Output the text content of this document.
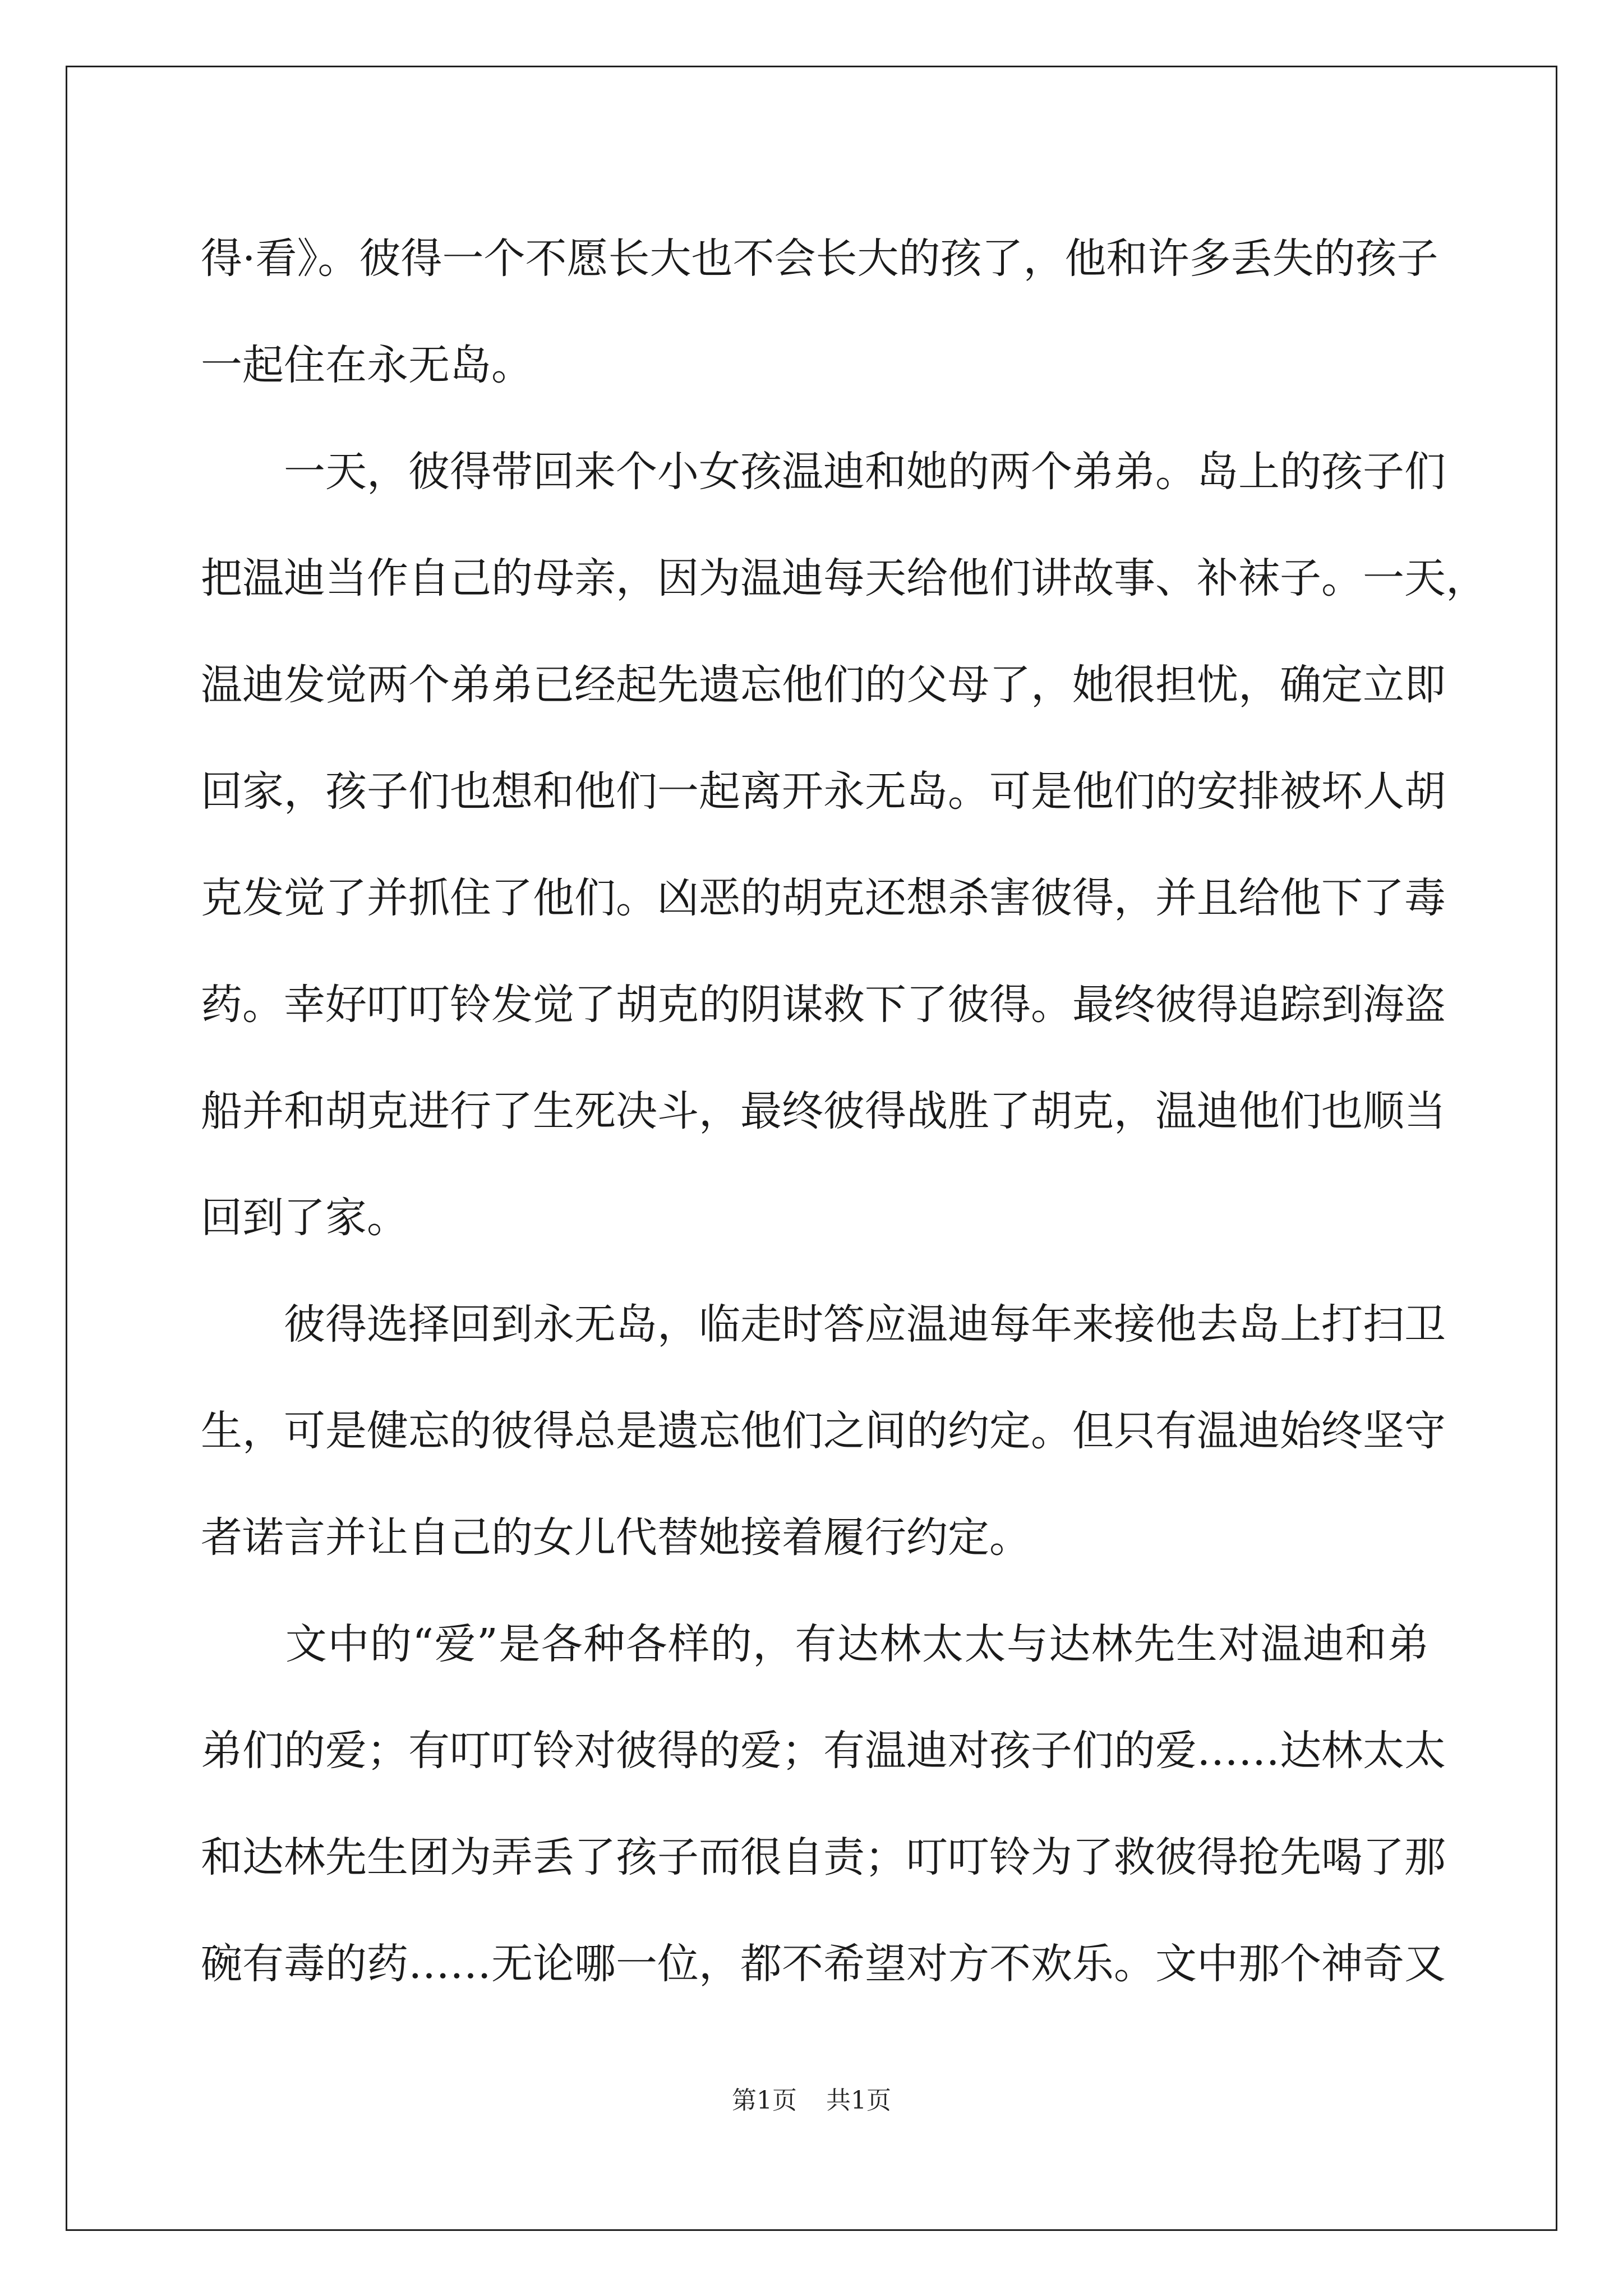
得·看》。彼得一个不愿长大也不会长大的孩了，他和许多丢失的孩子
一起住在永无岛。
　　一天，彼得带回来个小女孩温迪和她的两个弟弟。岛上的孩子们
把温迪当作自己的母亲，因为温迪每天给他们讲故事、补袜子。一天，
温迪发觉两个弟弟已经起先遗忘他们的父母了，她很担忧，确定立即
回家，孩子们也想和他们一起离开永无岛。可是他们的安排被坏人胡
克发觉了并抓住了他们。凶恶的胡克还想杀害彼得，并且给他下了毒
药。幸好叮叮铃发觉了胡克的阴谋救下了彼得。最终彼得追踪到海盗
船并和胡克进行了生死决斗，最终彼得战胜了胡克，温迪他们也顺当
回到了家。
　　彼得选择回到永无岛，临走时答应温迪每年来接他去岛上打扫卫
生，可是健忘的彼得总是遗忘他们之间的约定。但只有温迪始终坚守
者诺言并让自己的女儿代替她接着履行约定。
　　文中的“爱”是各种各样的，有达林太太与达林先生对温迪和弟
弟们的爱；有叮叮铃对彼得的爱；有温迪对孩子们的爱……达林太太
和达林先生团为弄丢了孩子而很自责；叮叮铃为了救彼得抢先喝了那
碗有毒的药……无论哪一位，都不希望对方不欢乐。文中那个神奇又
第1页 共1页
